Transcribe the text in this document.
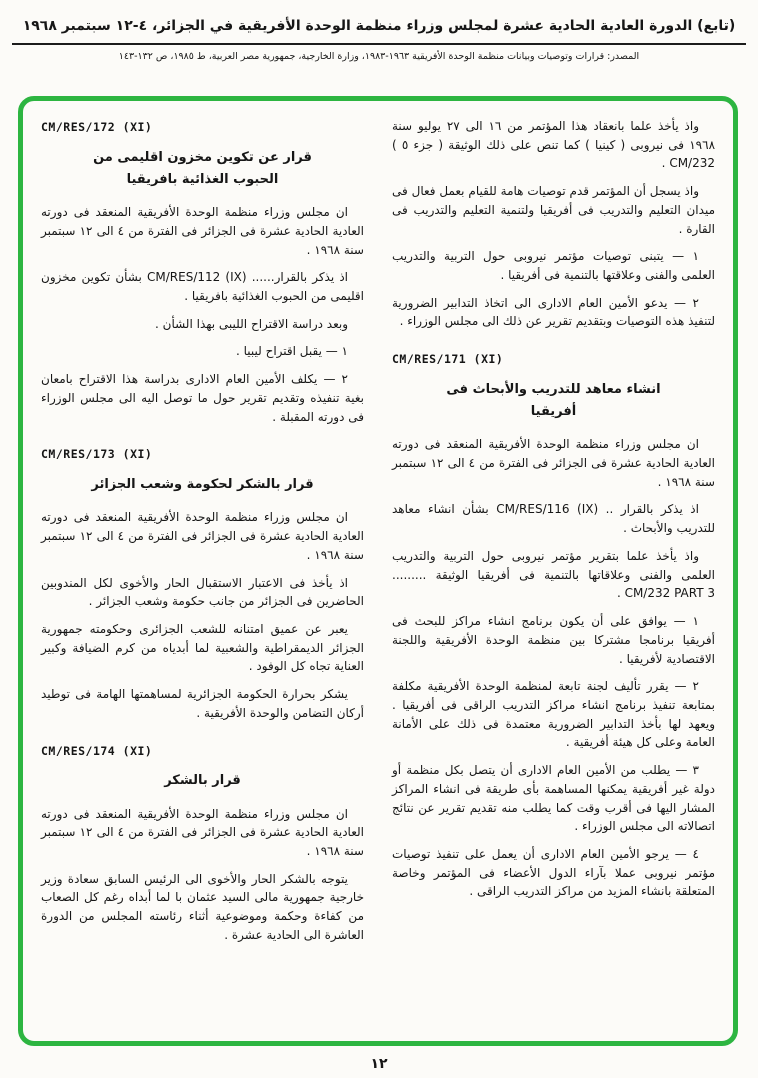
(تابع) الدورة العادية الحادية عشرة لمجلس وزراء منظمة الوحدة الأفريقية في الجزائر، ٤-١٢ سبتمبر ١٩٦٨
المصدر: قرارات وتوصيات وبيانات منظمة الوحدة الأفريقية ١٩٦٣-١٩٨٣، وزارة الخارجية، جمهورية مصر العربية، ط ١٩٨٥، ص ١٣٢-١٤٣
واذ يأخذ علما بانعقاد هذا المؤتمر من ١٦ الى ٢٧ يوليو سنة ١٩٦٨ فى نيروبى ( كينيا ) كما تنص على ذلك الوثيقة ( جزء ٥ ) CM/232 .
واذ يسجل أن المؤتمر قدم توصيات هامة للقيام بعمل فعال فى ميدان التعليم والتدريب فى أفريقيا ولتنمية التعليم والتدريب فى القارة .
١ — يتبنى توصيات مؤتمر نيروبى حول التربية والتدريب العلمى والفنى وعلاقتها بالتنمية فى أفريقيا .
٢ — يدعو الأمين العام الادارى الى اتخاذ التدابير الضرورية لتنفيذ هذه التوصيات وبتقديم تقرير عن ذلك الى مجلس الوزراء .
CM/RES/171 (XI)
انشاء معاهد للتدريب والأبحاث فى أفريقيا
ان مجلس وزراء منظمة الوحدة الأفريقية المنعقد فى دورته العادية الحادية عشرة فى الجزائر فى الفترة من ٤ الى ١٢ سبتمبر سنة ١٩٦٨ .
اذ يذكر بالقرار .. CM/RES/116 (IX) بشأن انشاء معاهد للتدريب والأبحاث .
واذ يأخذ علما بتقرير مؤتمر نيروبى حول التربية والتدريب العلمى والفنى وعلاقاتها بالتنمية فى أفريقيا الوثيقة ......... CM/232 PART 3 .
١ — يوافق على أن يكون برنامج انشاء مراكز للبحث فى أفريقيا برنامجا مشتركا بين منظمة الوحدة الأفريقية واللجنة الاقتصادية لأفريقيا .
٢ — يقرر تأليف لجنة تابعة لمنظمة الوحدة الأفريقية مكلفة بمتابعة تنفيذ برنامج انشاء مراكز التدريب الراقى فى أفريقيا . ويعهد لها بأخذ التدابير الضرورية معتمدة فى ذلك على الأمانة العامة وعلى كل هيئة أفريقية .
٣ — يطلب من الأمين العام الادارى أن يتصل بكل منظمة أو دولة غير أفريقية يمكنها المساهمة بأى طريقة فى انشاء المراكز المشار اليها فى أقرب وقت كما يطلب منه تقديم تقرير عن نتائج اتصالاته الى مجلس الوزراء .
٤ — يرجو الأمين العام الادارى أن يعمل على تنفيذ توصيات مؤتمر نيروبى عملا بآراء الدول الأعضاء فى المؤتمر وخاصة المتعلقة بانشاء المزيد من مراكز التدريب الراقى .
CM/RES/172 (XI)
قرار عن تكوين مخزون اقليمى من الحبوب الغذائية بافريقيا
ان مجلس وزراء منظمة الوحدة الأفريقية المنعقد فى دورته العادية الحادية عشرة فى الجزائر فى الفترة من ٤ الى ١٢ سبتمبر سنة ١٩٦٨ .
اذ يذكر بالقرار...... CM/RES/112 (IX) بشأن تكوين مخزون اقليمى من الحبوب الغذائية بافريقيا .
وبعد دراسة الاقتراح الليبى بهذا الشأن .
١ — يقبل اقتراح ليبيا .
٢ — يكلف الأمين العام الادارى بدراسة هذا الاقتراح بامعان بغية تنفيذه وتقديم تقرير حول ما توصل اليه الى مجلس الوزراء فى دورته المقبلة .
CM/RES/173 (XI)
قرار بالشكر لحكومة وشعب الجزائر
ان مجلس وزراء منظمة الوحدة الأفريقية المنعقد فى دورته العادية الحادية عشرة فى الجزائر فى الفترة من ٤ الى ١٢ سبتمبر سنة ١٩٦٨ .
اذ يأخذ فى الاعتبار الاستقبال الحار والأخوى لكل المندوبين الحاضرين فى الجزائر من جانب حكومة وشعب الجزائر .
يعبر عن عميق امتنانه للشعب الجزائرى وحكومته جمهورية الجزائر الديمقراطية والشعبية لما أبدياه من كرم الضيافة وكبير العناية تجاه كل الوفود .
يشكر بحرارة الحكومة الجزائرية لمساهمتها الهامة فى توطيد أركان التضامن والوحدة الأفريقية .
CM/RES/174 (XI)
قرار بالشكر
ان مجلس وزراء منظمة الوحدة الأفريقية المنعقد فى دورته العادية الحادية عشرة فى الجزائر فى الفترة من ٤ الى ١٢ سبتمبر سنة ١٩٦٨ .
يتوجه بالشكر الحار والأخوى الى الرئيس السابق سعادة وزير خارجية جمهورية مالى السيد عثمان با لما أبداه رغم كل الصعاب من كفاءة وحكمة وموضوعية أثناء رئاسته المجلس من الدورة العاشرة الى الحادية عشرة .
١٢
